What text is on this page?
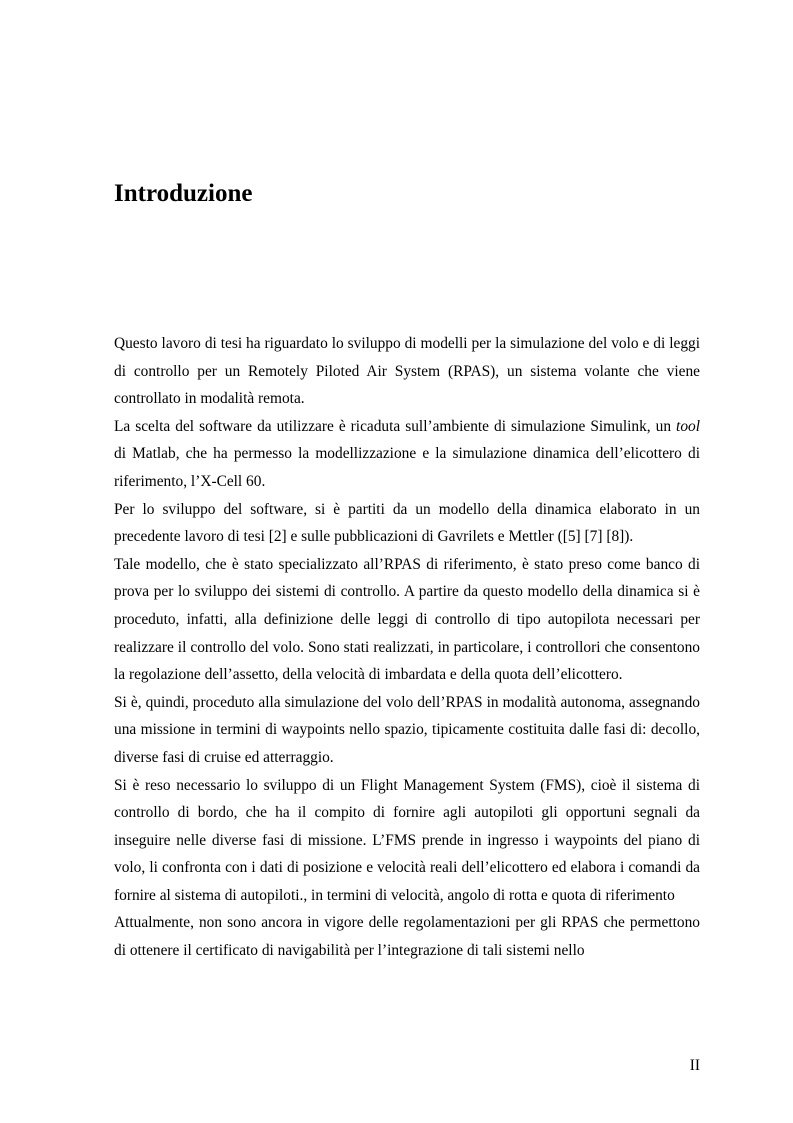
Introduzione

Questo lavoro di tesi ha riguardato lo sviluppo di modelli per la simulazione del volo e di leggi di controllo per un Remotely Piloted Air System (RPAS), un sistema volante che viene controllato in modalità remota.

La scelta del software da utilizzare è ricaduta sull’ambiente di simulazione Simulink, un tool di Matlab, che ha permesso la modellizzazione e la simulazione dinamica dell’elicottero di riferimento, l’X-Cell 60.

Per lo sviluppo del software, si è partiti da un modello della dinamica elaborato in un precedente lavoro di tesi [2] e sulle pubblicazioni di Gavrilets e Mettler ([5] [7] [8]).

Tale modello, che è stato specializzato all’RPAS di riferimento, è stato preso come banco di prova per lo sviluppo dei sistemi di controllo. A partire da questo modello della dinamica si è proceduto, infatti, alla definizione delle leggi di controllo di tipo autopilota necessari per realizzare il controllo del volo. Sono stati realizzati, in particolare, i controllori che consentono la regolazione dell’assetto, della velocità di imbardata e della quota dell’elicottero.

Si è, quindi, proceduto alla simulazione del volo dell’RPAS in modalità autonoma, assegnando una missione in termini di waypoints nello spazio, tipicamente costituita dalle fasi di: decollo, diverse fasi di cruise ed atterraggio.

Si è reso necessario lo sviluppo di un Flight Management System (FMS), cioè il sistema di controllo di bordo, che ha il compito di fornire agli autopiloti gli opportuni segnali da inseguire nelle diverse fasi di missione. L’FMS prende in ingresso i waypoints del piano di volo, li confronta con i dati di posizione e velocità reali dell’elicottero ed elabora i comandi da fornire al sistema di autopiloti., in termini di velocità, angolo di rotta e quota di riferimento

Attualmente, non sono ancora in vigore delle regolamentazioni per gli RPAS che permettono di ottenere il certificato di navigabilità per l’integrazione di tali sistemi nello

II
